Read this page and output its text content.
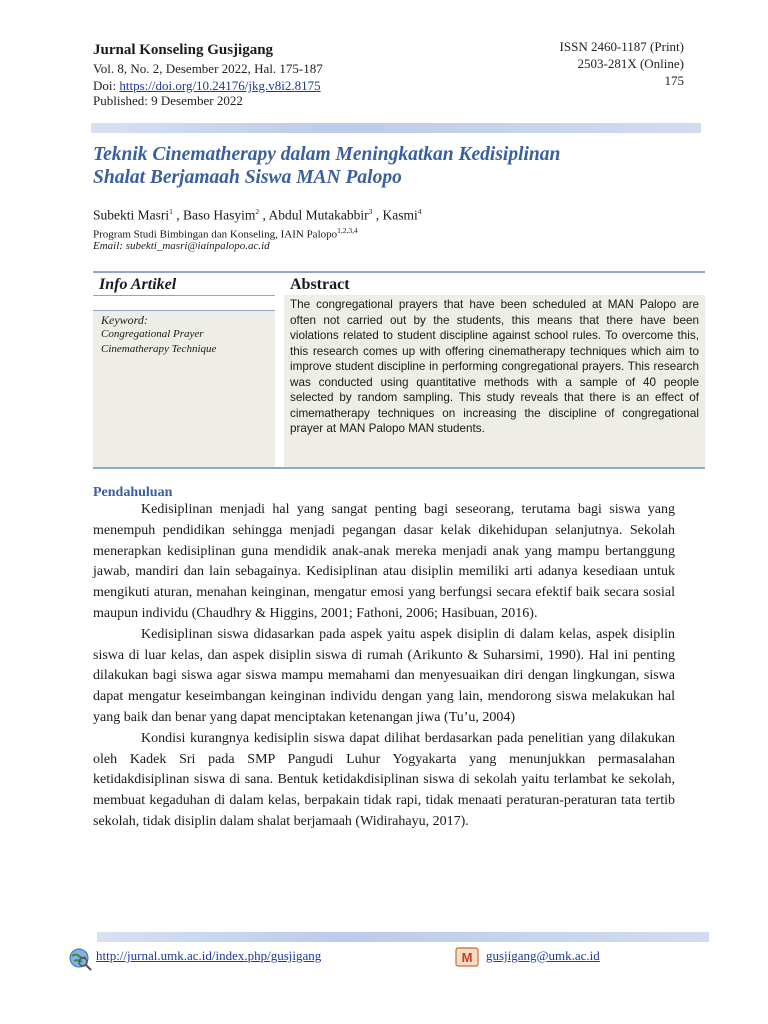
Jurnal Konseling Gusjigang
Vol. 8, No. 2, Desember 2022, Hal. 175-187
Doi: https://doi.org/10.24176/jkg.v8i2.8175
Published: 9 Desember 2022
ISSN 2460-1187 (Print)
2503-281X (Online)
175
Teknik Cinematherapy dalam Meningkatkan Kedisiplinan
Shalat Berjamaah Siswa MAN Palopo
Subekti Masri$^1$ , Baso Hasyim$^2$ , Abdul Mutakabbir$^3$ , Kasmi$^4$
Program Studi Bimbingan dan Konseling, IAIN Palopo$^{1,2,3,4}$
Email: subekti_masri@iainpalopo.ac.id
Info Artikel	Abstract
Keyword:
Congregational Prayer
Cinematherapy Technique
The congregational prayers that have been scheduled at MAN Palopo are often not carried out by the students, this means that there have been violations related to student discipline against school rules. To overcome this, this research comes up with offering cinematherapy techniques which aim to improve student discipline in performing congregational prayers. This research was conducted using quantitative methods with a sample of 40 people selected by random sampling. This study reveals that there is an effect of cimematherapy techniques on increasing the discipline of congregational prayer at MAN Palopo MAN students.
Pendahuluan

Kedisiplinan menjadi hal yang sangat penting bagi seseorang, terutama bagi siswa yang menempuh pendidikan sehingga menjadi pegangan dasar kelak dikehidupan selanjutnya. Sekolah menerapkan kedisiplinan guna mendidik anak-anak mereka menjadi anak yang mampu bertanggung jawab, mandiri dan lain sebagainya. Kedisiplinan atau disiplin memiliki arti adanya kesediaan untuk mengikuti aturan, menahan keinginan, mengatur emosi yang berfungsi secara efektif baik secara sosial maupun individu (Chaudhry & Higgins, 2001; Fathoni, 2006; Hasibuan, 2016).

Kedisiplinan siswa didasarkan pada aspek yaitu aspek disiplin di dalam kelas, aspek disiplin siswa di luar kelas, dan aspek disiplin siswa di rumah (Arikunto & Suharsimi, 1990). Hal ini penting dilakukan bagi siswa agar siswa mampu memahami dan menyesuaikan diri dengan lingkungan, siswa dapat mengatur keseimbangan keinginan individu dengan yang lain, mendorong siswa melakukan hal yang baik dan benar yang dapat menciptakan ketenangan jiwa (Tu’u, 2004)

Kondisi kurangnya kedisiplin siswa dapat dilihat berdasarkan pada penelitian yang dilakukan oleh Kadek Sri pada SMP Pangudi Luhur Yogyakarta yang menunjukkan permasalahan ketidakdisiplinan siswa di sana. Bentuk ketidakdisiplinan siswa di sekolah yaitu terlambat ke sekolah, membuat kegaduhan di dalam kelas, berpakain tidak rapi, tidak menaati peraturan-peraturan tata tertib sekolah, tidak disiplin dalam shalat berjamaah (Widirahayu, 2017).

http://jurnal.umk.ac.id/index.php/gusjigang	M gusjigang@umk.ac.id
